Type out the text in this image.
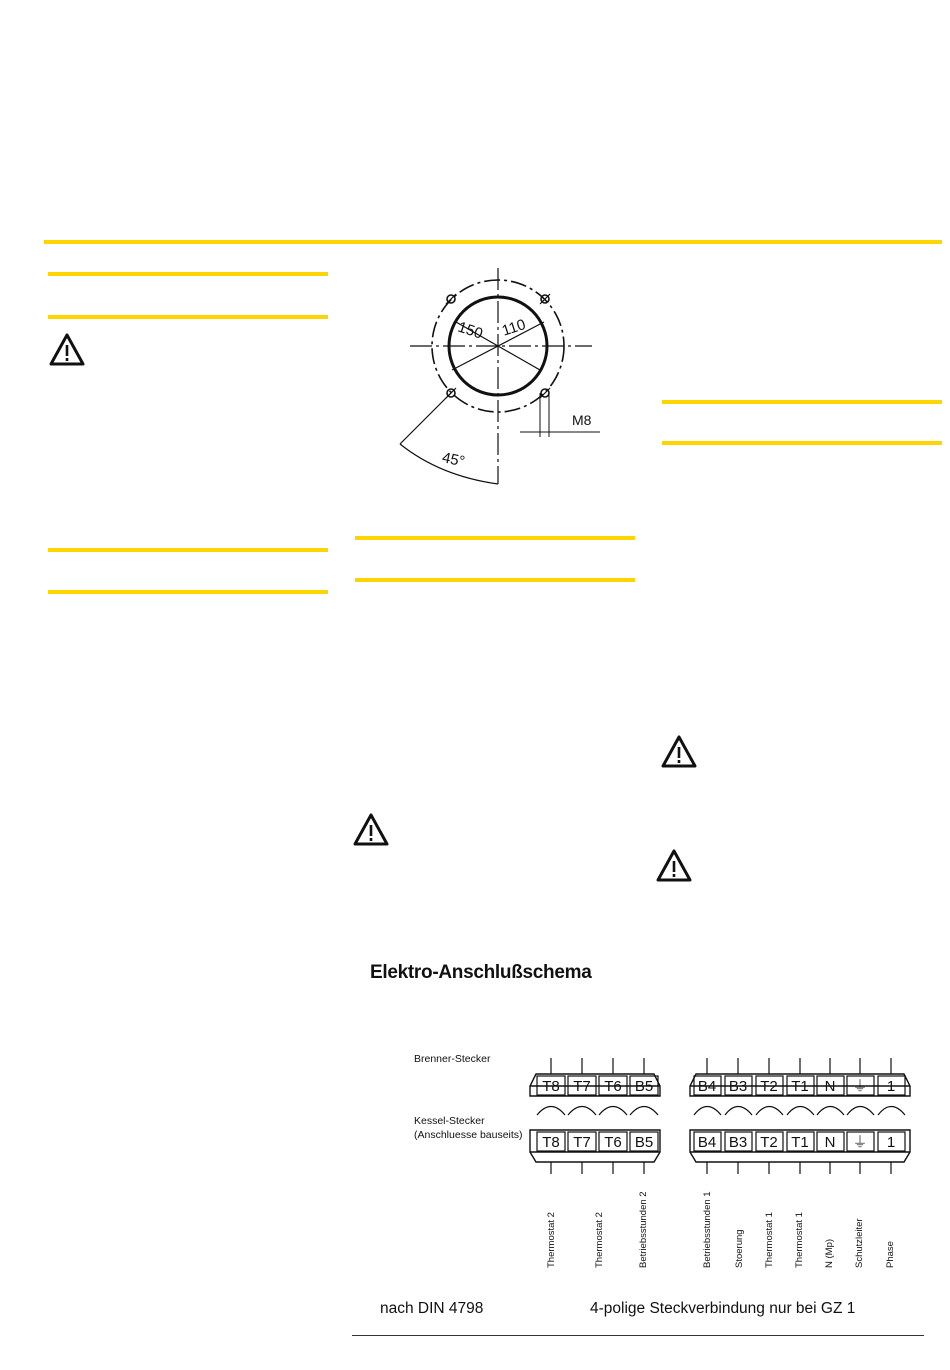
150 110
45°
M8
Elektro-Anschlußschema
Brenner-Stecker
Kessel-Stecker
(Anschluesse bauseits)
T8 T7 T6 B5
T8 T7 T6 B5
B4 B3 T2 T1 N ⏚ 1
B4 B3 T2 T1 N ⏚ 1
Thermostat 2	Thermostat 2	Betriebsstunden 2	Betriebsstunden 1 Stoerung Thermostat 1 Thermostat 1 N (Mp) Schutzleiter Phase
nach DIN 4798	4-polige Steckverbindung nur bei GZ 1
